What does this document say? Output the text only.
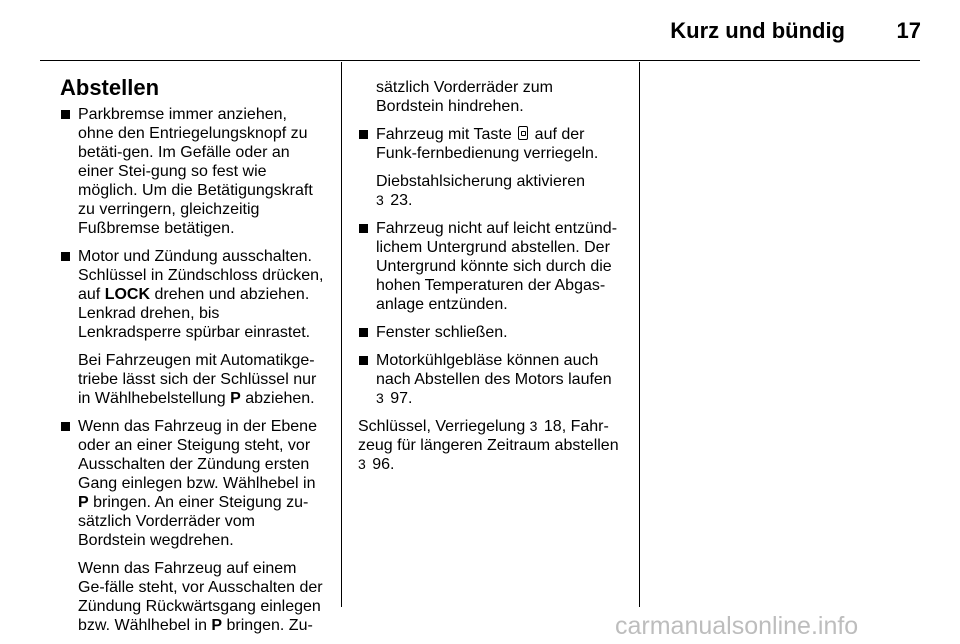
Kurz und bündig	17
Abstellen
Parkbremse immer anziehen, ohne den Entriegelungsknopf zu betäti-gen. Im Gefälle oder an einer Stei-gung so fest wie möglich. Um die Betätigungskraft zu verringern, gleichzeitig Fußbremse betätigen.
Motor und Zündung ausschalten. Schlüssel in Zündschloss drücken, auf LOCK drehen und abziehen. Lenkrad drehen, bis Lenkradsperre spürbar einrastet.
Bei Fahrzeugen mit Automatikge-triebe lässt sich der Schlüssel nur in Wählhebelstellung P abziehen.
Wenn das Fahrzeug in der Ebene oder an einer Steigung steht, vor Ausschalten der Zündung ersten Gang einlegen bzw. Wählhebel in P bringen. An einer Steigung zu-sätzlich Vorderräder vom Bordstein wegdrehen.
Wenn das Fahrzeug auf einem Ge-fälle steht, vor Ausschalten der Zündung Rückwärtsgang einlegen bzw. Wählhebel in P bringen. Zu-
sätzlich Vorderräder zum Bordstein hindrehen.
Fahrzeug mit Taste  auf der Funk-fernbedienung verriegeln.
Diebstahlsicherung aktivieren
3 23.
Fahrzeug nicht auf leicht entzünd-lichem Untergrund abstellen. Der Untergrund könnte sich durch die hohen Temperaturen der Abgas-anlage entzünden.
Fenster schließen.
Motorkühlgebläse können auch nach Abstellen des Motors laufen
3 97.
Schlüssel, Verriegelung 3 18, Fahr-zeug für längeren Zeitraum abstellen
3 96.
carmanualsonline.info
